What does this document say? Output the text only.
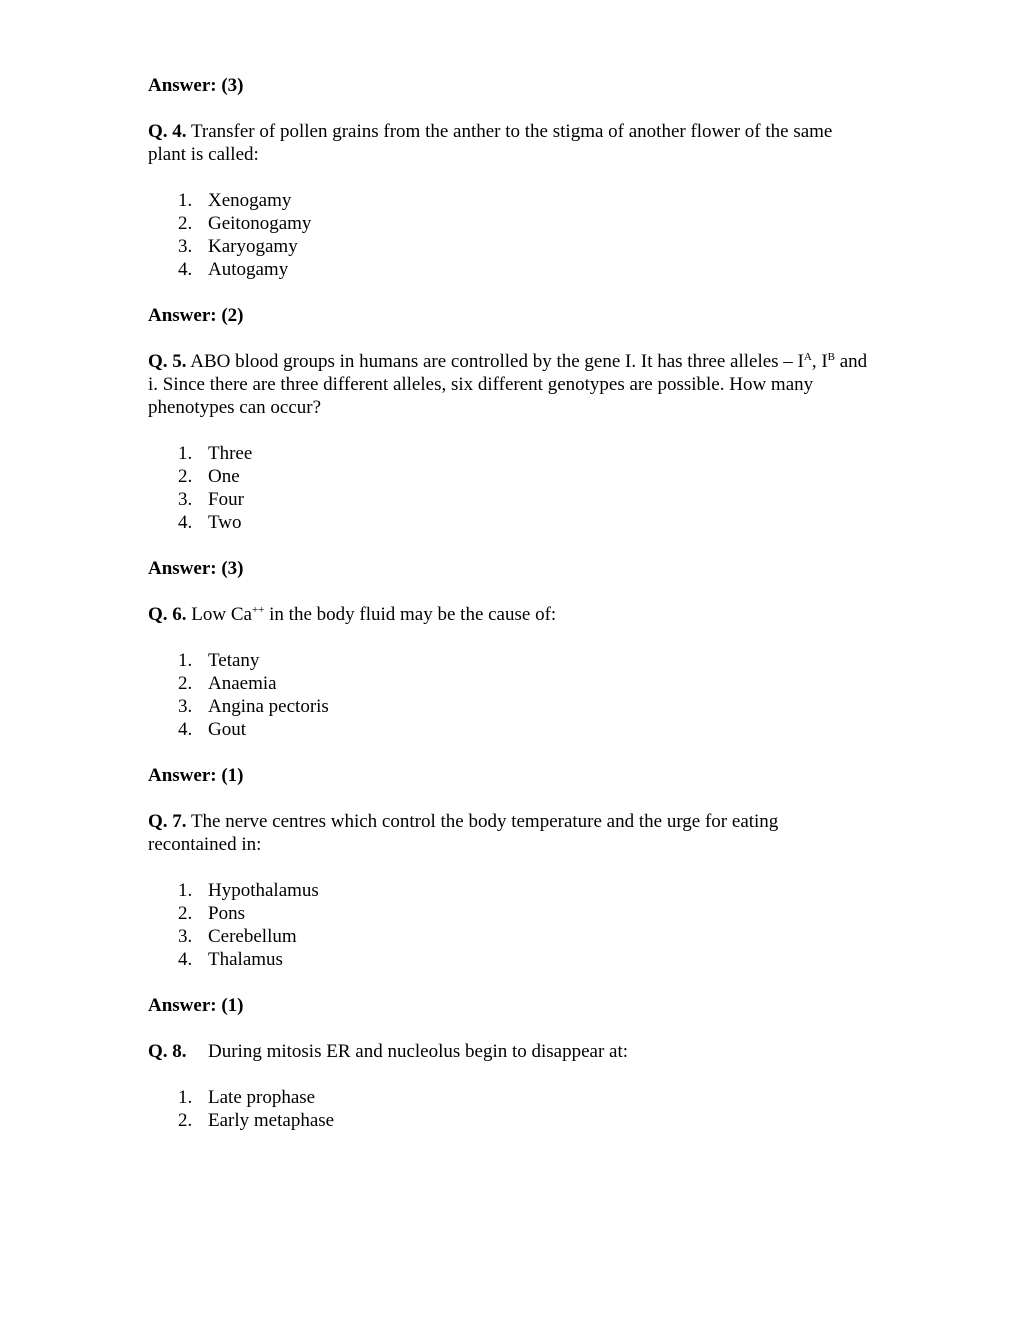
Answer: (3)
Q. 4. Transfer of pollen grains from the anther to the stigma of another flower of the same plant is called:
1. Xenogamy
2. Geitonogamy
3. Karyogamy
4. Autogamy
Answer: (2)
Q. 5. ABO blood groups in humans are controlled by the gene I. It has three alleles – $I^A$, $I^B$ and i. Since there are three different alleles, six different genotypes are possible. How many phenotypes can occur?
1. Three
2. One
3. Four
4. Two
Answer: (3)
Q. 6. Low Ca++ in the body fluid may be the cause of:
1. Tetany
2. Anaemia
3. Angina pectoris
4. Gout
Answer: (1)
Q. 7. The nerve centres which control the body temperature and the urge for eating recontained in:
1. Hypothalamus
2. Pons
3. Cerebellum
4. Thalamus
Answer: (1)
Q. 8. During mitosis ER and nucleolus begin to disappear at:
1. Late prophase
2. Early metaphase
